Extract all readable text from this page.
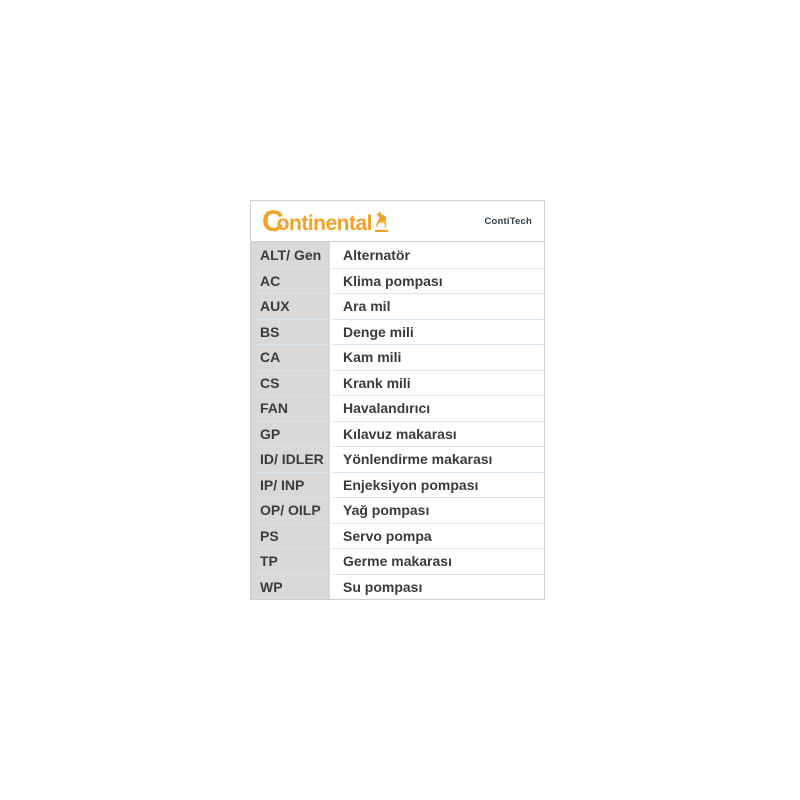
C
ontinental	ContiTech
ALT/ Gen	Alternatör
AC	Klima pompası
AUX	Ara mil
BS	Denge mili
CA	Kam mili
CS	Krank mili
FAN	Havalandırıcı
GP	Kılavuz makarası
ID/ IDLER	Yönlendirme makarası
IP/ INP	Enjeksiyon pompası
OP/ OILP	Yağ pompası
PS	Servo pompa
TP	Germe makarası
WP	Su pompası
